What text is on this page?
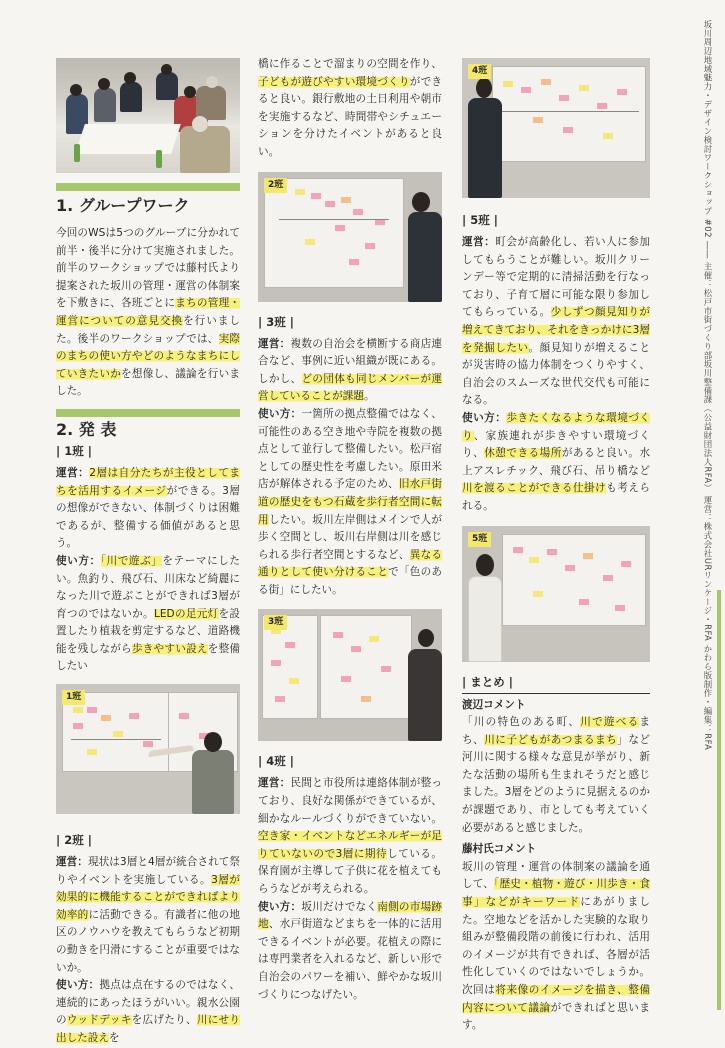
1. グループワーク

今回のWSは5つのグループに分かれて前半・後半に分けて実施されました。前半のワークショップでは藤村氏より提案された坂川の管理・運営の体制案を下敷きに、各班ごとにまちの管理・運営についての意見交換を行いました。後半のワークショップでは、実際のまちの使い方やどのようなまちにしていきたいかを想像し、議論を行いました。

2. 発 表
| 1班 |

運営：2層は自分たちが主役としてまちを活用するイメージができる。3層の想像ができない、体制づくりは困難であるが、整備する価値があると思う。

使い方：「川で遊ぶ」をテーマにしたい。魚釣り、飛び石、川床など綺麗になった川で遊ぶことができれば3層が育つのではないか。LEDの足元灯を設置したり植栽を剪定するなど、道路機能を残しながら歩きやすい設えを整備したい

1班
| 2班 |

運営：現状は3層と4層が統合されて祭りやイベントを実施している。3層が効果的に機能することができればより効率的に活動できる。有識者に他の地区のノウハウを教えてもらうなど初期の動きを円滑にすることが重要ではないか。

使い方：拠点は点在するのではなく、連続的にあったほうがいい。親水公園のウッドデッキを広げたり、川にせり出した設えを

橋に作ることで溜まりの空間を作り、子どもが遊びやすい環境づくりができると良い。銀行敷地の土日利用や朝市を実施するなど、時間帯やシチュエーションを分けたイベントがあると良い。

2班
| 3班 |

運営：複数の自治会を横断する商店連合など、事例に近い組織が既にある。しかし、どの団体も同じメンバーが運営していることが課題。

使い方：一箇所の拠点整備ではなく、可能性のある空き地や寺院を複数の拠点として並行して整備したい。松戸宿としての歴史性を考慮したい。原田米店が解体される予定のため、旧水戸街道の歴史をもつ石蔵を歩行者空間に転用したい。坂川左岸側はメインで人が歩く空間とし、坂川右岸側は川を感じられる歩行者空間とするなど、異なる通りとして使い分けることで「色のある街」にしたい。

3班
| 4班 |

運営：民間と市役所は連絡体制が整っており、良好な関係ができているが、細かなルールづくりができていない。空き家・イベントなどエネルギーが足りていないので3層に期待している。保育園が主導して子供に花を植えてもらうなどが考えられる。

使い方：坂川だけでなく南側の市場跡地、水戸街道などまちを一体的に活用できるイベントが必要。花植えの際には専門業者を入れるなど、新しい形で自治会のパワーを補い、鮮やかな坂川づくりにつなげたい。

4班
| 5班 |

運営：町会が高齢化し、若い人に参加してもらうことが難しい。坂川クリーンデー等で定期的に清掃活動を行なっており、子育て層に可能な限り参加してもらっている。少しずつ顔見知りが増えてきており、それをきっかけに3層を発掘したい。顔見知りが増えることが災害時の協力体制をつくりやすく、自治会のスムーズな世代交代も可能になる。

使い方：歩きたくなるような環境づくり、家族連れが歩きやすい環境づくり、休憩できる場所があると良い。水上アスレチック、飛び石、吊り橋など川を渡ることができる仕掛けも考えられる。

5班
| まとめ |
渡辺コメント

「川の特色のある町、川で遊べるまち、川に子どもがあつまるまち」など河川に関する様々な意見が挙がり、新たな活動の場所も生まれそうだと感じました。3層をどのように見据えるのかが課題であり、市としても考えていく必要があると感じました。

藤村氏コメント

坂川の管理・運営の体制案の議論を通して、「歴史・植物・遊び・川歩き・食事」などがキーワードにあがりました。空地などを活かした実験的な取り組みが整備段階の前後に行われ、活用のイメージが共有できれば、各層が活性化していくのではないでしょうか。次回は将来像のイメージを描き、整備内容について議論ができればと思います。

坂川周辺地域魅力・デザイン検討ワークショップ #02 ―― 主催：松戸市街づくり部坂川整備課（公益財団法人RFA） 運営：株式会社URリンケージ・RFA かわら版制作・編集：RFA
